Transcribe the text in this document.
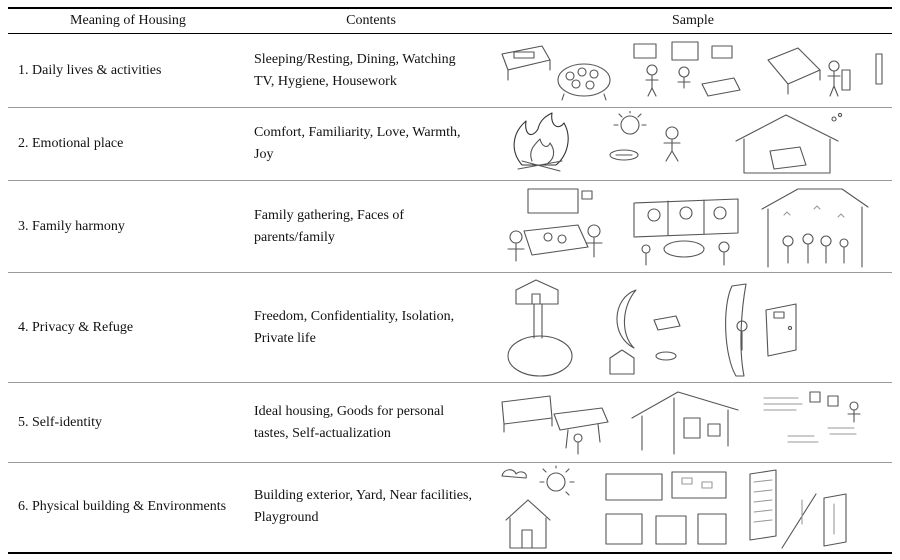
Meaning of Housing	Contents	Sample
1. Daily lives & activities	Sleeping/Resting, Dining, Watching TV, Hygiene, Housework

2. Emotional place	Comfort, Familiarity, Love, Warmth, Joy

3. Family harmony	Family gathering, Faces of parents/family

4. Privacy & Refuge	Freedom, Confidentiality, Isolation, Private life

5. Self-identity	Ideal housing, Goods for personal tastes, Self-actualization

6. Physical building & Environments	Building exterior, Yard, Near facilities, Playground
